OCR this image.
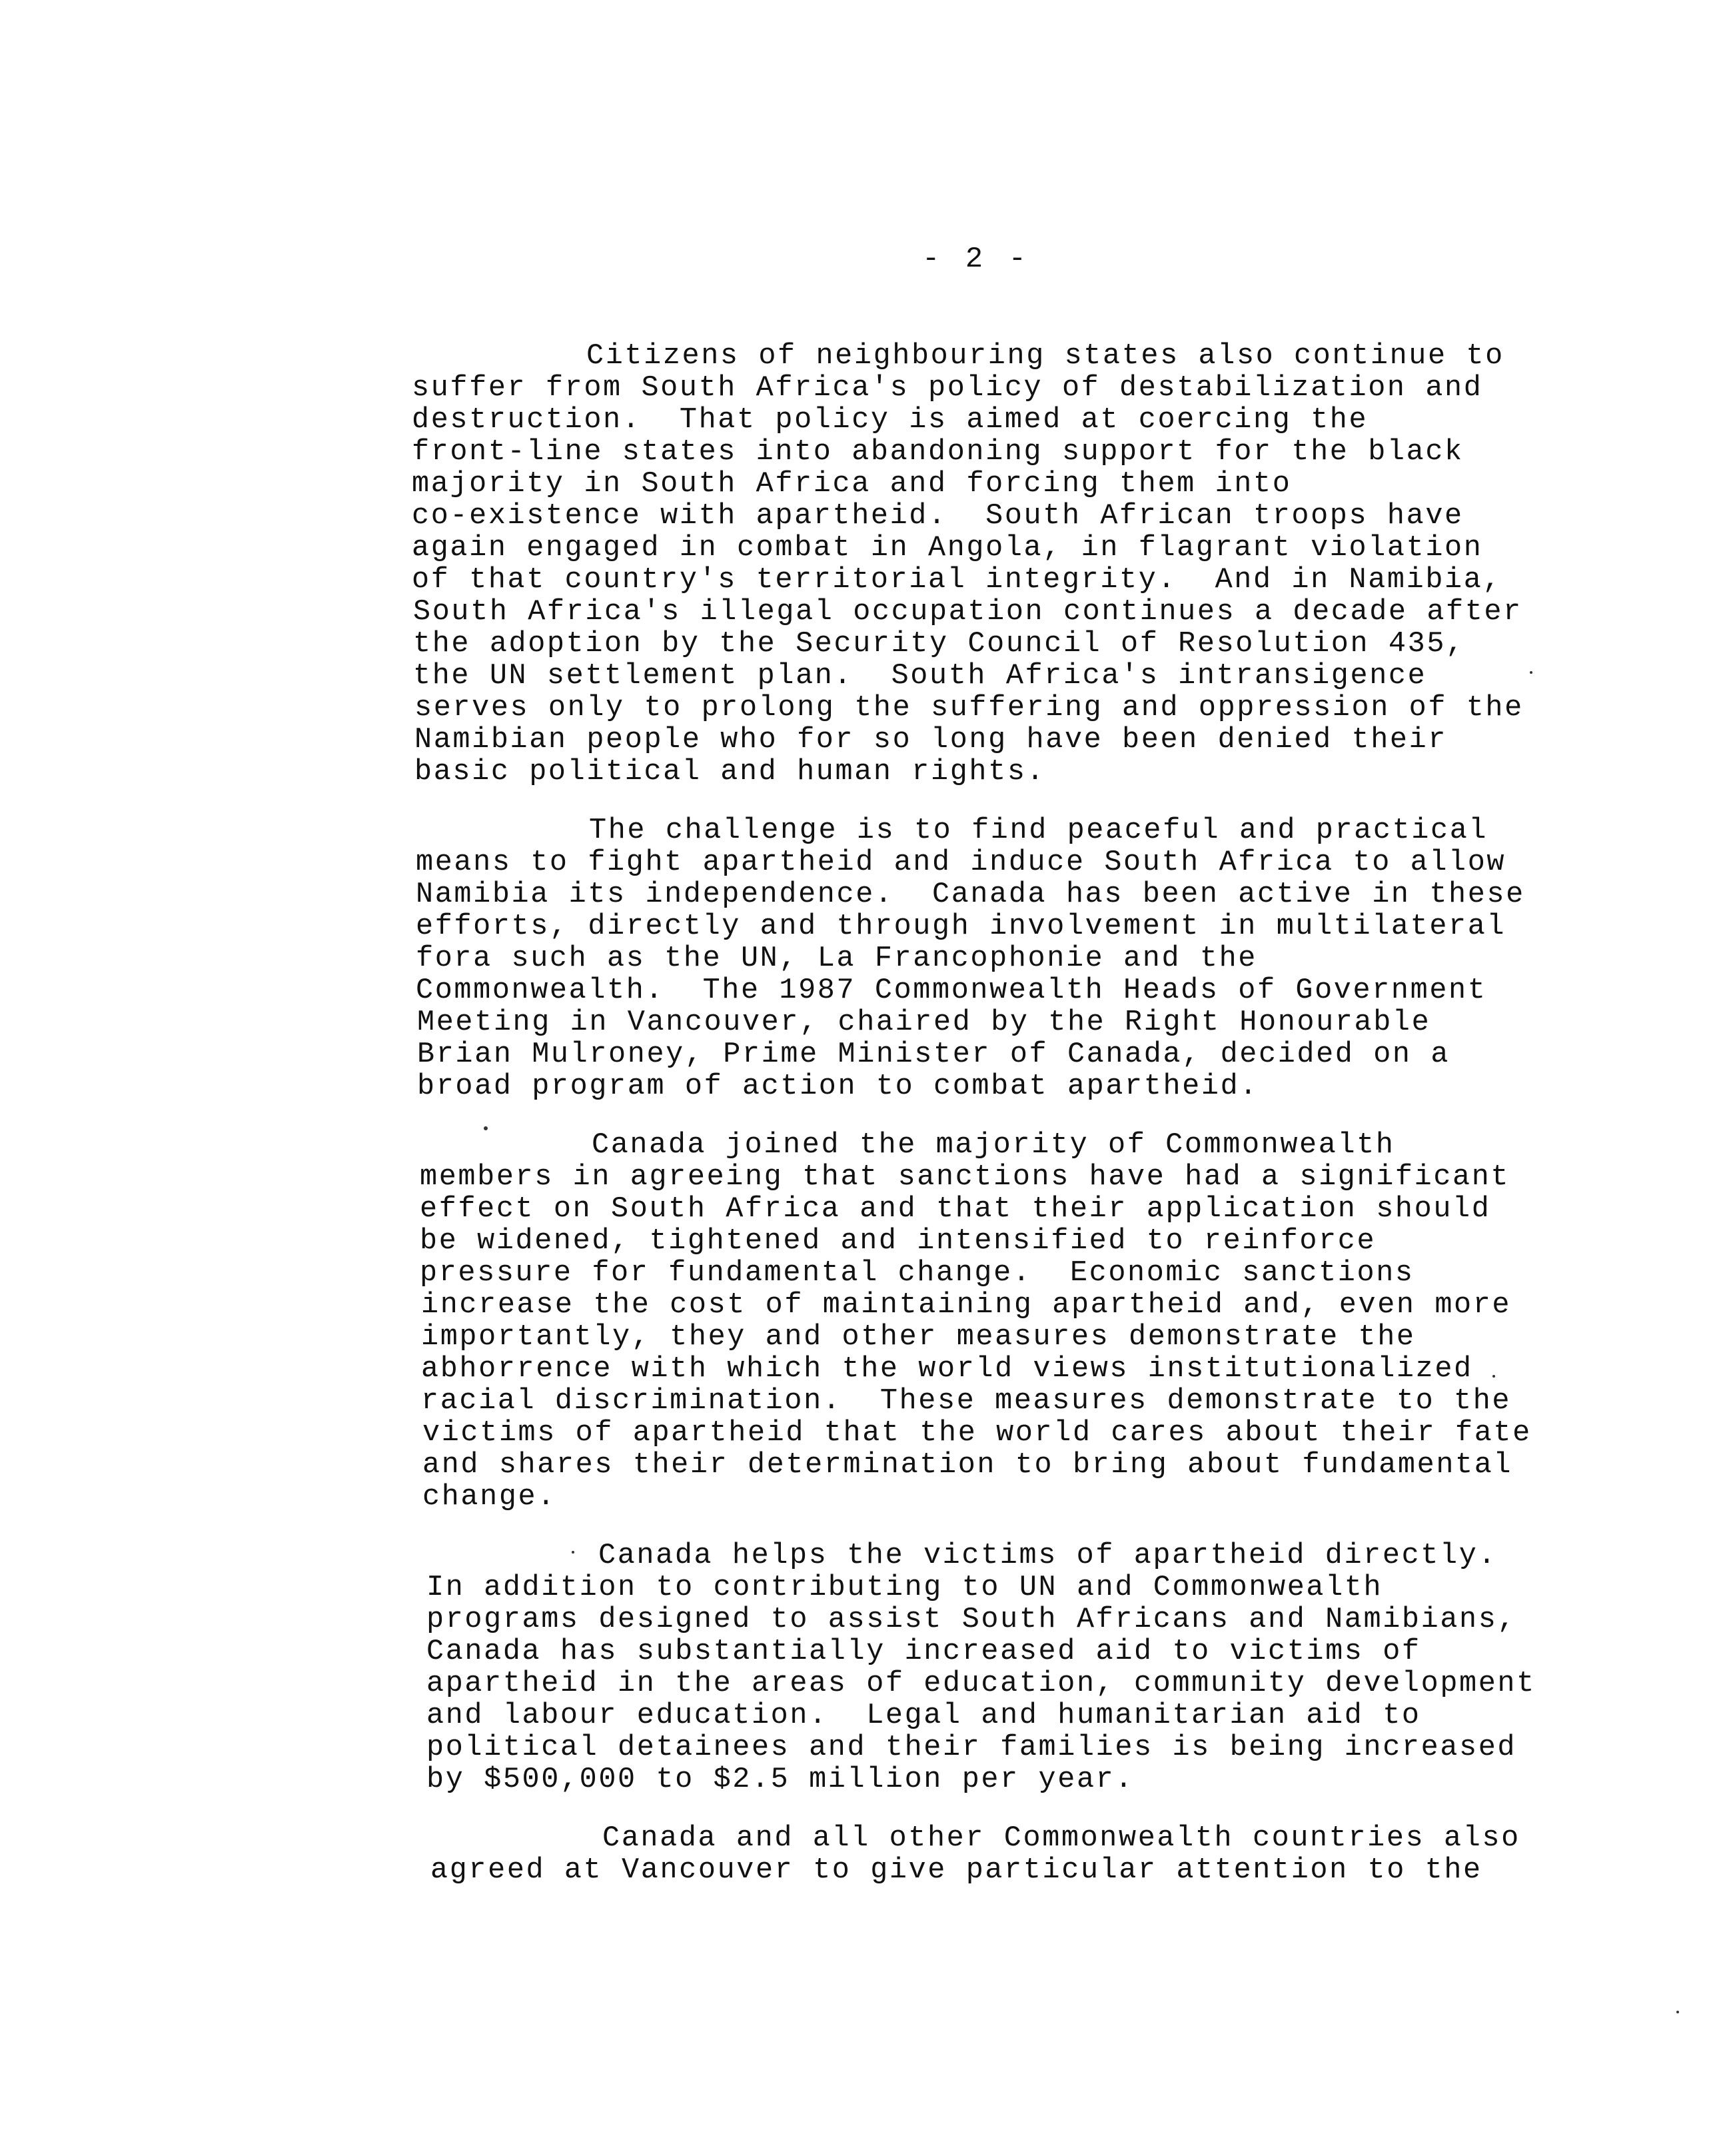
- 2 -
Citizens of neighbouring states also continue to
suffer from South Africa's policy of destabilization and
destruction.  That policy is aimed at coercing the
front-line states into abandoning support for the black
majority in South Africa and forcing them into
co-existence with apartheid.  South African troops have
again engaged in combat in Angola, in flagrant violation
of that country's territorial integrity.  And in Namibia,
South Africa's illegal occupation continues a decade after
the adoption by the Security Council of Resolution 435,
the UN settlement plan.  South Africa's intransigence
serves only to prolong the suffering and oppression of the
Namibian people who for so long have been denied their
basic political and human rights.
The challenge is to find peaceful and practical
means to fight apartheid and induce South Africa to allow
Namibia its independence.  Canada has been active in these
efforts, directly and through involvement in multilateral
fora such as the UN, La Francophonie and the
Commonwealth.  The 1987 Commonwealth Heads of Government
Meeting in Vancouver, chaired by the Right Honourable
Brian Mulroney, Prime Minister of Canada, decided on a
broad program of action to combat apartheid.
Canada joined the majority of Commonwealth
members in agreeing that sanctions have had a significant
effect on South Africa and that their application should
be widened, tightened and intensified to reinforce
pressure for fundamental change.  Economic sanctions
increase the cost of maintaining apartheid and, even more
importantly, they and other measures demonstrate the
abhorrence with which the world views institutionalized
racial discrimination.  These measures demonstrate to the
victims of apartheid that the world cares about their fate
and shares their determination to bring about fundamental
change.
Canada helps the victims of apartheid directly.
In addition to contributing to UN and Commonwealth
programs designed to assist South Africans and Namibians,
Canada has substantially increased aid to victims of
apartheid in the areas of education, community development
and labour education.  Legal and humanitarian aid to
political detainees and their families is being increased
by $500,000 to $2.5 million per year.
Canada and all other Commonwealth countries also
agreed at Vancouver to give particular attention to the
